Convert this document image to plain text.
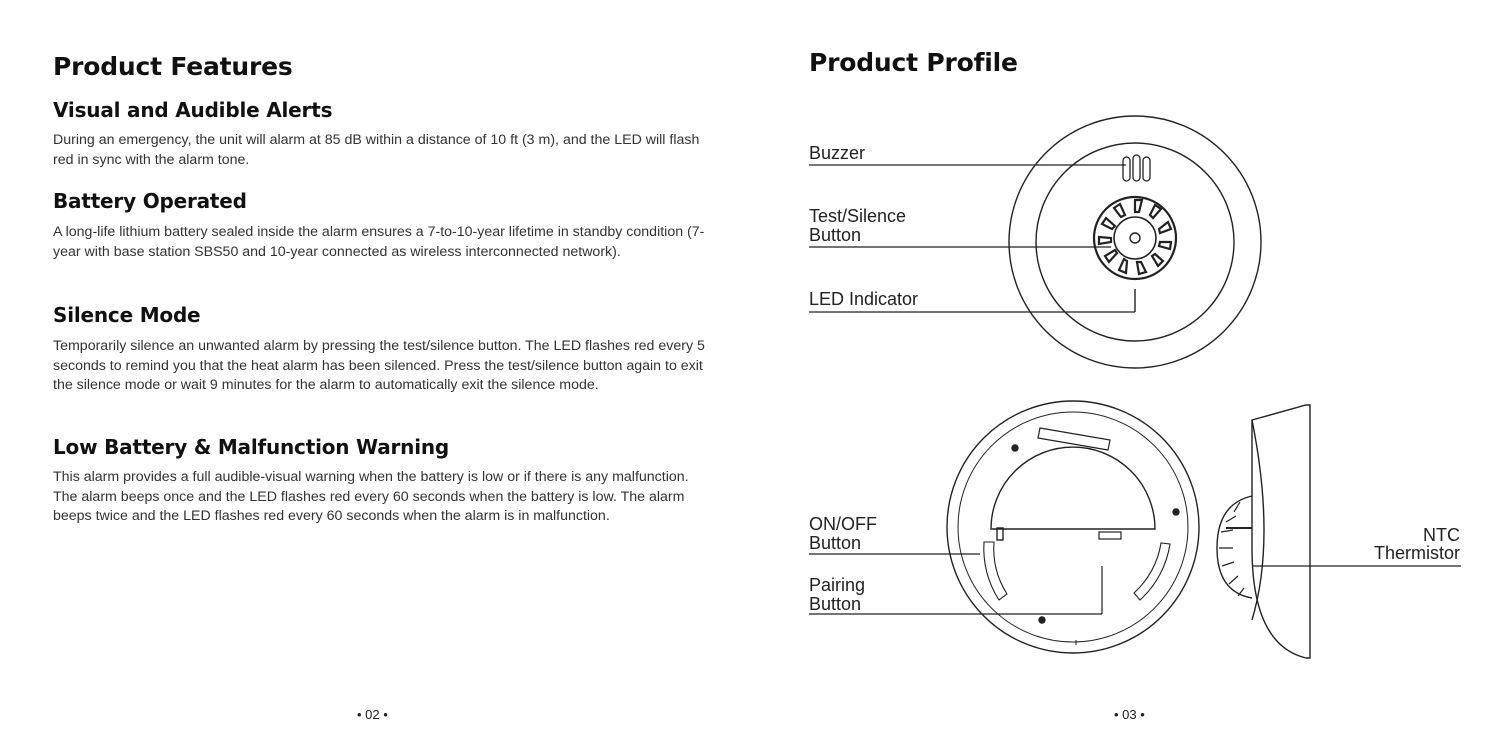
Product Features
Visual and Audible Alerts

During an emergency, the unit will alarm at 85 dB within a distance of 10 ft (3 m), and the LED will flash red in sync with the alarm tone.

Battery Operated

A long-life lithium battery sealed inside the alarm ensures a 7-to-10-year lifetime in standby condition (7-year with base station SBS50 and 10-year connected as wireless interconnected network).

Silence Mode

Temporarily silence an unwanted alarm by pressing the test/silence button. The LED flashes red every 5 seconds to remind you that the heat alarm has been silenced. Press the test/silence button again to exit the silence mode or wait 9 minutes for the alarm to automatically exit the silence mode.

Low Battery & Malfunction Warning

This alarm provides a full audible-visual warning when the battery is low or if there is any malfunction. The alarm beeps once and the LED flashes red every 60 seconds when the battery is low. The alarm beeps twice and the LED flashes red every 60 seconds when the alarm is in malfunction.

• 02 •
Product Profile
Buzzer
Test/Silence
Button
LED Indicator
ON/OFF
Button
Pairing
Button
NTC
Thermistor
• 03 •
